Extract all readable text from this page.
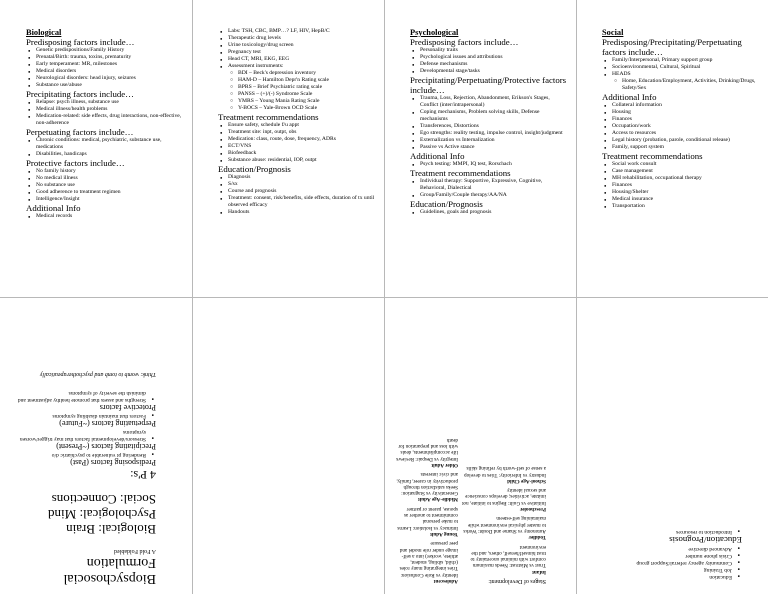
Biological
Predisposing factors include…
● Genetic predispositions/Family History
● Prenatal/Birth: trauma, toxins, prematurity
● Early temperament: MR, milestones
● Medical disorders
● Neurological disorders: head injury, seizures
● Substance use/abuse
Precipitating factors include…
● Relapse: psych illness, substance use
● Medical illness/health problems
● Medication-related: side effects, drug interactions, non-effective, non-adherence
Perpetuating factors include…
● Chronic conditions: medical, psychiatric, substance use, medications
● Disabilities, handicaps
Protective factors include…
● No family history
● No medical illness
● No substance use
● Good adherence to treatment regimen
● Intelligence/Insight
Additional Info
● Medical records
● Labs: TSH, CBC, BMP…? LF, HIV, HepB/C
● Therapeutic drug levels
● Urine toxicology/drug screen
● Pregnancy test
● Head CT, MRI, EKG, EEG
● Assessment instruments:
○ BDI – Beck's depression inventory
○ HAM-D – Hamilton Depr'n Rating scale
○ BPRS – Brief Psychiatric rating scale
○ PANSS – (+)/(-) Syndrome Scale
○ YMRS – Young Mania Rating Scale
○ Y-BOCS – Yale-Brown OCD Scale
Treatment recommendations
● Ensure safety, schedule f/u appt
● Treatment site: inpt, outpt, obs
● Medication: class, route, dose, frequency, ADRs
● ECT/VNS
● Biofeedback
● Substance abuse: residential, IOP, outpt
Education/Prognosis
● Diagnosis
● S/sx
● Course and prognosis
● Treatment: consent, risk/benefits, side effects, duration of tx until observed efficacy
● Handouts
Psychological
Predisposing factors include…
● Personality traits
● Psychological issues and attributions
● Defense mechanisms
● Developmental stage/tasks
Precipitating/Perpetuating/Protective factors include…
● Trauma, Loss, Rejection, Abandonment, Erikson's Stages, Conflict (inter/intrapersonal)
● Coping mechanisms, Problem solving skills, Defense mechanisms
● Transferences, Distortions
● Ego strengths: reality testing, impulse control, insight/judgment
● Externalization vs Internalization
● Passive vs Active stance
Additional Info
● Psych testing: MMPI, IQ test, Rorschach
Treatment recommendations
● Individual therapy: Supportive, Expressive, Cognitive, Behavioral, Dialectical
● Group/Family/Couple therapy/AA/NA
Education/Prognosis
● Guidelines, goals and prognosis
Social
Predisposing/Precipitating/Perpetuating factors include…
● Family/Interpersonal, Primary support group
● Socioenvironmental, Cultural, Spiritual
● HEADS
○ Home, Education/Employment, Activities, Drinking/Drugs, Safety/Sex
Additional Info
● Collateral information
● Housing
● Finances
● Occupation/work
● Access to resources
● Legal history (probation, parole, conditional release)
● Family, support system
Treatment recommendations
● Social work consult
● Case management
● MH rehabilitation, occupational therapy
● Finances
● Housing/Shelter
● Medical insurance
● Transportation
Biopsychosocial Formulation
A Fold Foldabled
Biological: Brain
Psychological: Mind
Social: Connections
4 P's:
Predisposing factors (Past)
● Rendering pt vulnerable to psychiatric d/o
Precipitating factors (~Present)
● Stressors/developmental factors that may trigger/worsen symptoms
Perpetuating factors (~Future)
● Factors that maintain disabling symptoms
Protective factors
● Strengths and assets that promote healthy adjustment and diminish the severity of symptoms
Think: womb to tomb and psychotherapeutically
Stages of Development:
Infant
Trust vs Mistrust: Needs maximum comfort with minimal uncertainty to trust himself/herself, others, and the environment
Toddler
Autonomy vs Shame and Doubt: Works to master physical environment while maintaining self-esteem
Preschooler
Initiative vs Guilt: Begins to initiate, not imitate, activities; develops conscience and sexual identity
School-Age Child
Industry vs Inferiority: Tries to develop a sense of self-worth by refining skills
Adolescent
Identity vs Role Confusion: Tries integrating many roles (child, sibling, student, athlete, worker) into a self-image under role model and peer pressure
Young Adult
Intimacy vs Isolation: Learns to make personal commitment to another as spouse, parent or partner
Middle-Age Adult
Generativity vs Stagnation: Seeks satisfaction through productivity in career, family, and civic interests
Older Adult
Integrity vs Despair: Reviews life accomplishments, deals with loss and preparation for death
● Education
● Job Training
● Community agency referral/Support group
● Crisis phone number
● Advanced directive
Education/Prognosis
● Introduction to resources
